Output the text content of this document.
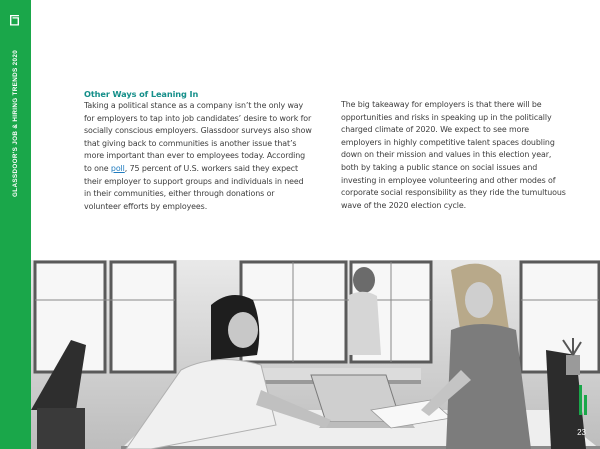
GLASSDOOR'S JOB & HIRING TRENDS 2020	Other Ways of Leaning In

Taking a political stance as a company isn’t the only way for employers to tap into job candidates’ desire to work for socially conscious employers. Glassdoor surveys also show that giving back to communities is another issue that’s more important than ever to employees today. According to one poll, 75 percent of U.S. workers said they expect their employer to support groups and individuals in need in their communities, either through donations or volunteer efforts by employees.

The big takeaway for employers is that there will be opportunities and risks in speaking up in the politically charged climate of 2020. We expect to see more employers in highly competitive talent spaces doubling down on their mission and values in this election year, both by taking a public stance on social issues and investing in employee volunteering and other modes of corporate social responsibility as they ride the tumultuous wave of the 2020 election cycle.

23
